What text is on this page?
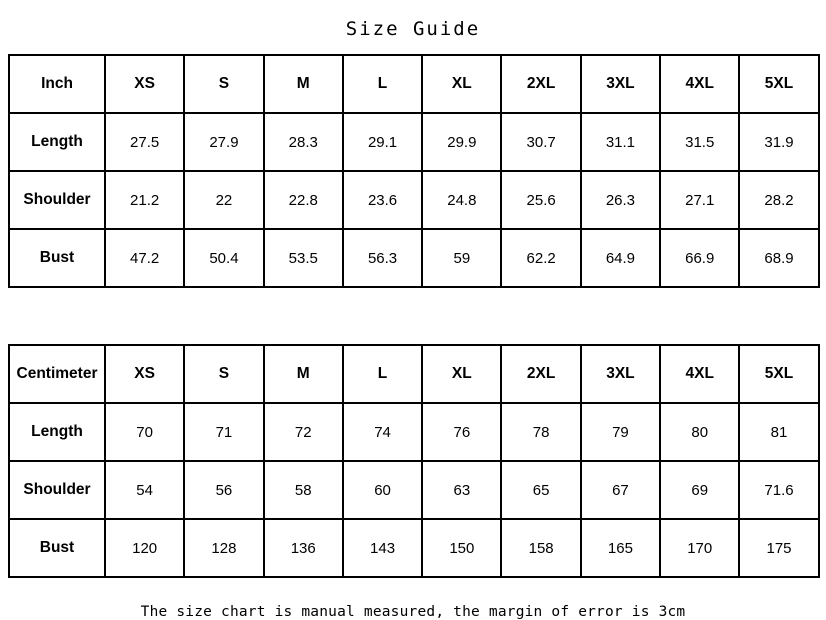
Size Guide
Inch	XS	S	M	L	XL	2XL	3XL	4XL	5XL
Length	27.5	27.9	28.3	29.1	29.9	30.7	31.1	31.5	31.9
Shoulder	21.2	22	22.8	23.6	24.8	25.6	26.3	27.1	28.2
Bust	47.2	50.4	53.5	56.3	59	62.2	64.9	66.9	68.9
Centimeter	XS	S	M	L	XL	2XL	3XL	4XL	5XL
Length	70	71	72	74	76	78	79	80	81
Shoulder	54	56	58	60	63	65	67	69	71.6
Bust	120	128	136	143	150	158	165	170	175
The size chart is manual measured, the margin of error is 3cm
